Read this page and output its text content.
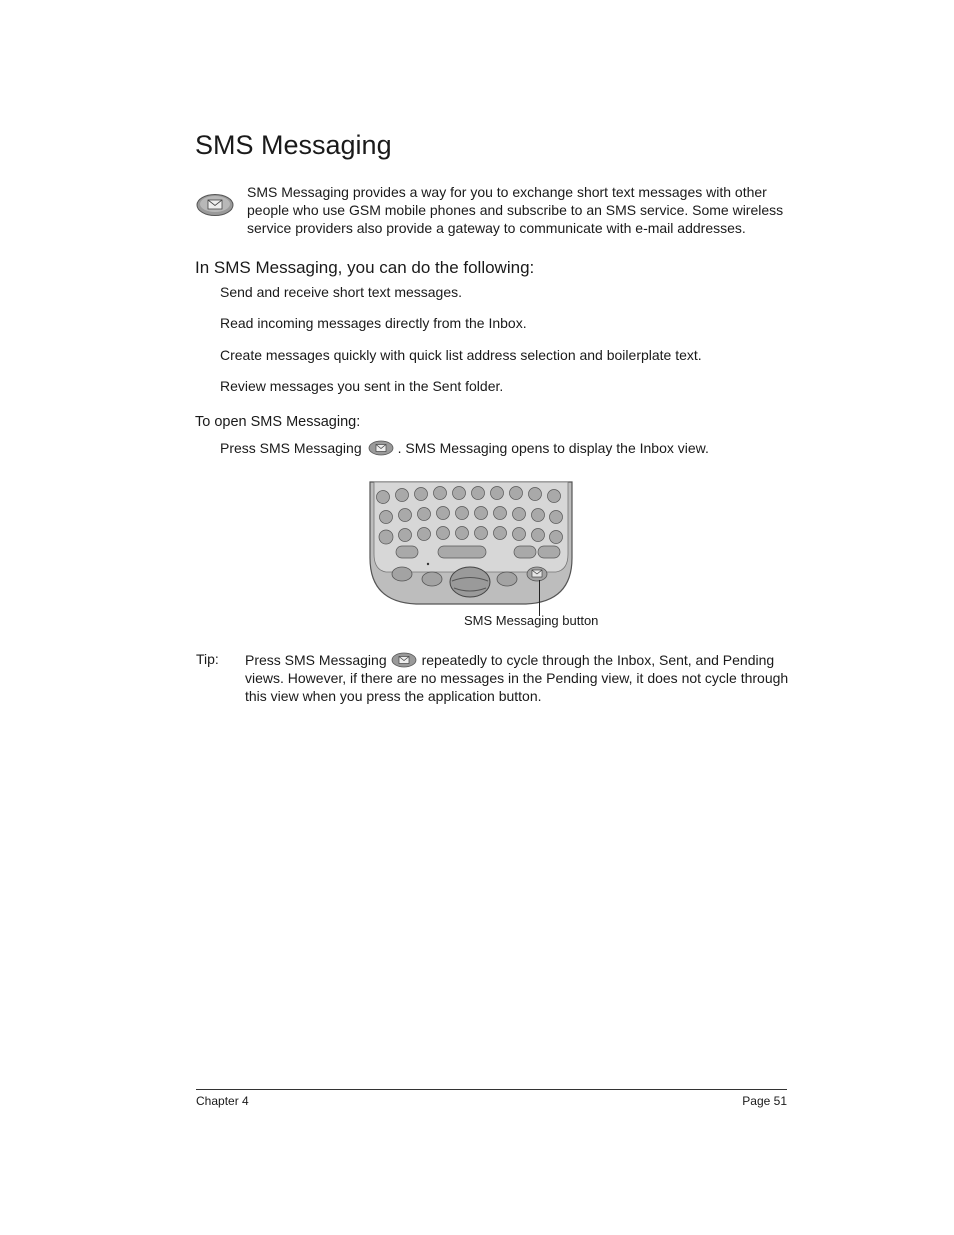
SMS Messaging
SMS Messaging provides a way for you to exchange short text messages with other people who use GSM mobile phones and subscribe to an SMS service. Some wireless service providers also provide a gateway to communicate with e-mail addresses.
In SMS Messaging, you can do the following:
Send and receive short text messages.
Read incoming messages directly from the Inbox.
Create messages quickly with quick list address selection and boilerplate text.
Review messages you sent in the Sent folder.
To open SMS Messaging:
Press SMS Messaging	. SMS Messaging opens to display the Inbox view.
SMS Messaging button
Tip: Press SMS Messaging	repeatedly to cycle through the Inbox, Sent, and Pending views. However, if there are no messages in the Pending view, it does not cycle through this view when you press the application button.
Chapter 4	Page 51
